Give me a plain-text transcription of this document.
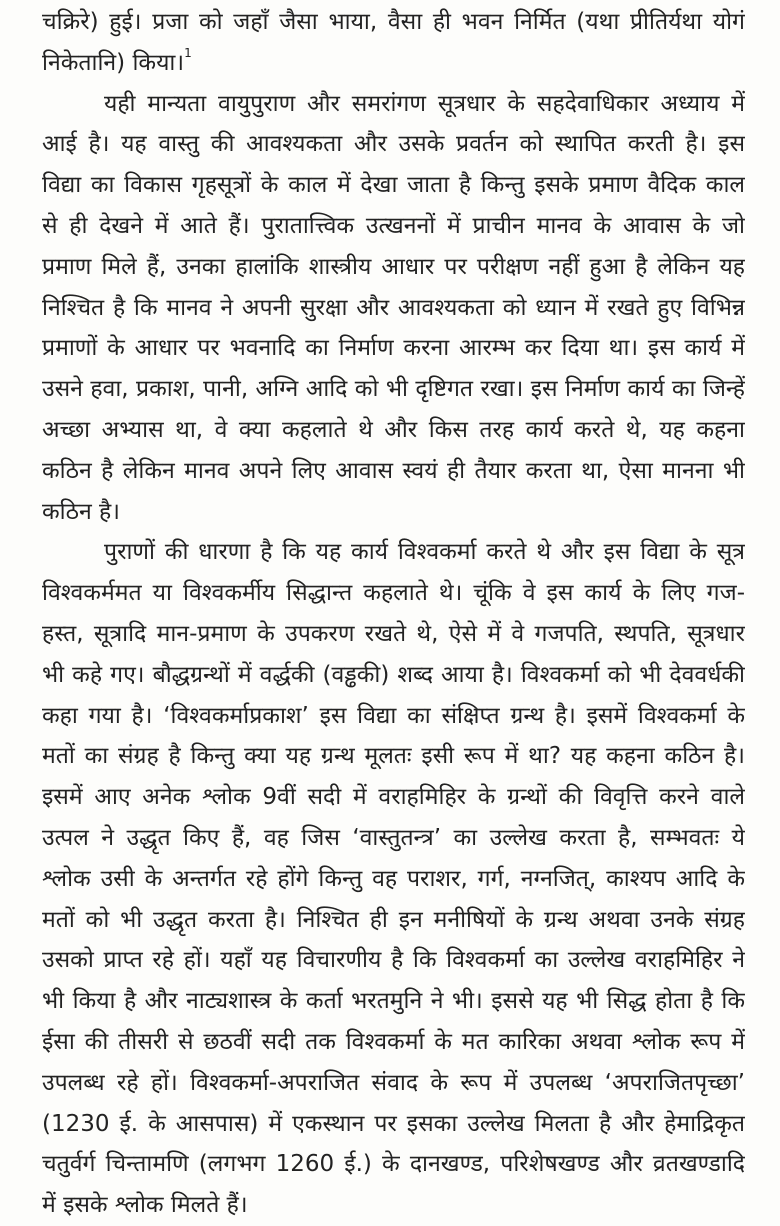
चक्रिरे) हुई। प्रजा को जहाँ जैसा भाया, वैसा ही भवन निर्मित (यथा प्रीतिर्यथा योगं
निकेतानि) किया।$^1$
यही मान्यता वायुपुराण और समरांगण सूत्रधार के सहदेवाधिकार अध्याय में
आई है। यह वास्तु की आवश्यकता और उसके प्रवर्तन को स्थापित करती है। इस
विद्या का विकास गृहसूत्रों के काल में देखा जाता है किन्तु इसके प्रमाण वैदिक काल
से ही देखने में आते हैं। पुरातात्त्विक उत्खननों में प्राचीन मानव के आवास के जो
प्रमाण मिले हैं, उनका हालांकि शास्त्रीय आधार पर परीक्षण नहीं हुआ है लेकिन यह
निश्चित है कि मानव ने अपनी सुरक्षा और आवश्यकता को ध्यान में रखते हुए विभिन्न
प्रमाणों के आधार पर भवनादि का निर्माण करना आरम्भ कर दिया था। इस कार्य में
उसने हवा, प्रकाश, पानी, अग्नि आदि को भी दृष्टिगत रखा। इस निर्माण कार्य का जिन्हें
अच्छा अभ्यास था, वे क्या कहलाते थे और किस तरह कार्य करते थे, यह कहना
कठिन है लेकिन मानव अपने लिए आवास स्वयं ही तैयार करता था, ऐसा मानना भी
कठिन है।
पुराणों की धारणा है कि यह कार्य विश्वकर्मा करते थे और इस विद्या के सूत्र
विश्वकर्ममत या विश्वकर्मीय सिद्धान्त कहलाते थे। चूंकि वे इस कार्य के लिए गज-
हस्त, सूत्रादि मान-प्रमाण के उपकरण रखते थे, ऐसे में वे गजपति, स्थपति, सूत्रधार
भी कहे गए। बौद्धग्रन्थों में वर्द्धकी (वड्ढकी) शब्द आया है। विश्वकर्मा को भी देववर्धकी
कहा गया है। ‘विश्वकर्माप्रकाश’ इस विद्या का संक्षिप्त ग्रन्थ है। इसमें विश्वकर्मा के
मतों का संग्रह है किन्तु क्या यह ग्रन्थ मूलतः इसी रूप में था? यह कहना कठिन है।
इसमें आए अनेक श्लोक 9वीं सदी में वराहमिहिर के ग्रन्थों की विवृत्ति करने वाले
उत्पल ने उद्धृत किए हैं, वह जिस ‘वास्तुतन्त्र’ का उल्लेख करता है, सम्भवतः ये
श्लोक उसी के अन्तर्गत रहे होंगे किन्तु वह पराशर, गर्ग, नग्नजित्, काश्यप आदि के
मतों को भी उद्धृत करता है। निश्चित ही इन मनीषियों के ग्रन्थ अथवा उनके संग्रह
उसको प्राप्त रहे हों। यहाँ यह विचारणीय है कि विश्वकर्मा का उल्लेख वराहमिहिर ने
भी किया है और नाट्यशास्त्र के कर्ता भरतमुनि ने भी। इससे यह भी सिद्ध होता है कि
ईसा की तीसरी से छठवीं सदी तक विश्वकर्मा के मत कारिका अथवा श्लोक रूप में
उपलब्ध रहे हों। विश्वकर्मा-अपराजित संवाद के रूप में उपलब्ध ‘अपराजितपृच्छा’
(1230 ई. के आसपास) में एकस्थान पर इसका उल्लेख मिलता है और हेमाद्रिकृत
चतुर्वर्ग चिन्तामणि (लगभग 1260 ई.) के दानखण्ड, परिशेषखण्ड और व्रतखण्डादि
में इसके श्लोक मिलते हैं।
